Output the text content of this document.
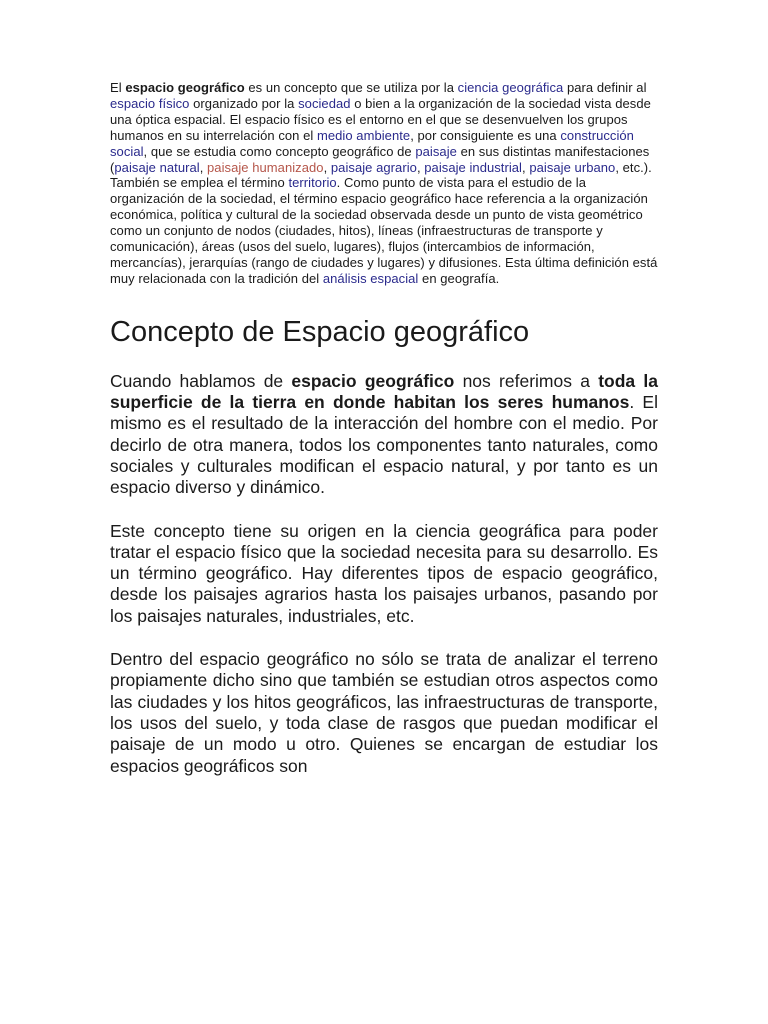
El espacio geográfico es un concepto que se utiliza por la ciencia geográfica para definir al espacio físico organizado por la sociedad o bien a la organización de la sociedad vista desde una óptica espacial. El espacio físico es el entorno en el que se desenvuelven los grupos humanos en su interrelación con el medio ambiente, por consiguiente es una construcción social, que se estudia como concepto geográfico de paisaje en sus distintas manifestaciones (paisaje natural, paisaje humanizado, paisaje agrario, paisaje industrial, paisaje urbano, etc.). También se emplea el término territorio. Como punto de vista para el estudio de la organización de la sociedad, el término espacio geográfico hace referencia a la organización económica, política y cultural de la sociedad observada desde un punto de vista geométrico como un conjunto de nodos (ciudades, hitos), líneas (infraestructuras de transporte y comunicación), áreas (usos del suelo, lugares), flujos (intercambios de información, mercancías), jerarquías (rango de ciudades y lugares) y difusiones. Esta última definición está muy relacionada con la tradición del análisis espacial en geografía.

Concepto de Espacio geográfico

Cuando hablamos de espacio geográfico nos referimos a toda la superficie de la tierra en donde habitan los seres humanos. El mismo es el resultado de la interacción del hombre con el medio. Por decirlo de otra manera, todos los componentes tanto naturales, como sociales y culturales modifican el espacio natural, y por tanto es un espacio diverso y dinámico.

Este concepto tiene su origen en la ciencia geográfica para poder tratar el espacio físico que la sociedad necesita para su desarrollo. Es un término geográfico. Hay diferentes tipos de espacio geográfico, desde los paisajes agrarios hasta los paisajes urbanos, pasando por los paisajes naturales, industriales, etc.

Dentro del espacio geográfico no sólo se trata de analizar el terreno propiamente dicho sino que también se estudian otros aspectos como las ciudades y los hitos geográficos, las infraestructuras de transporte, los usos del suelo, y toda clase de rasgos que puedan modificar el paisaje de un modo u otro. Quienes se encargan de estudiar los espacios geográficos son
